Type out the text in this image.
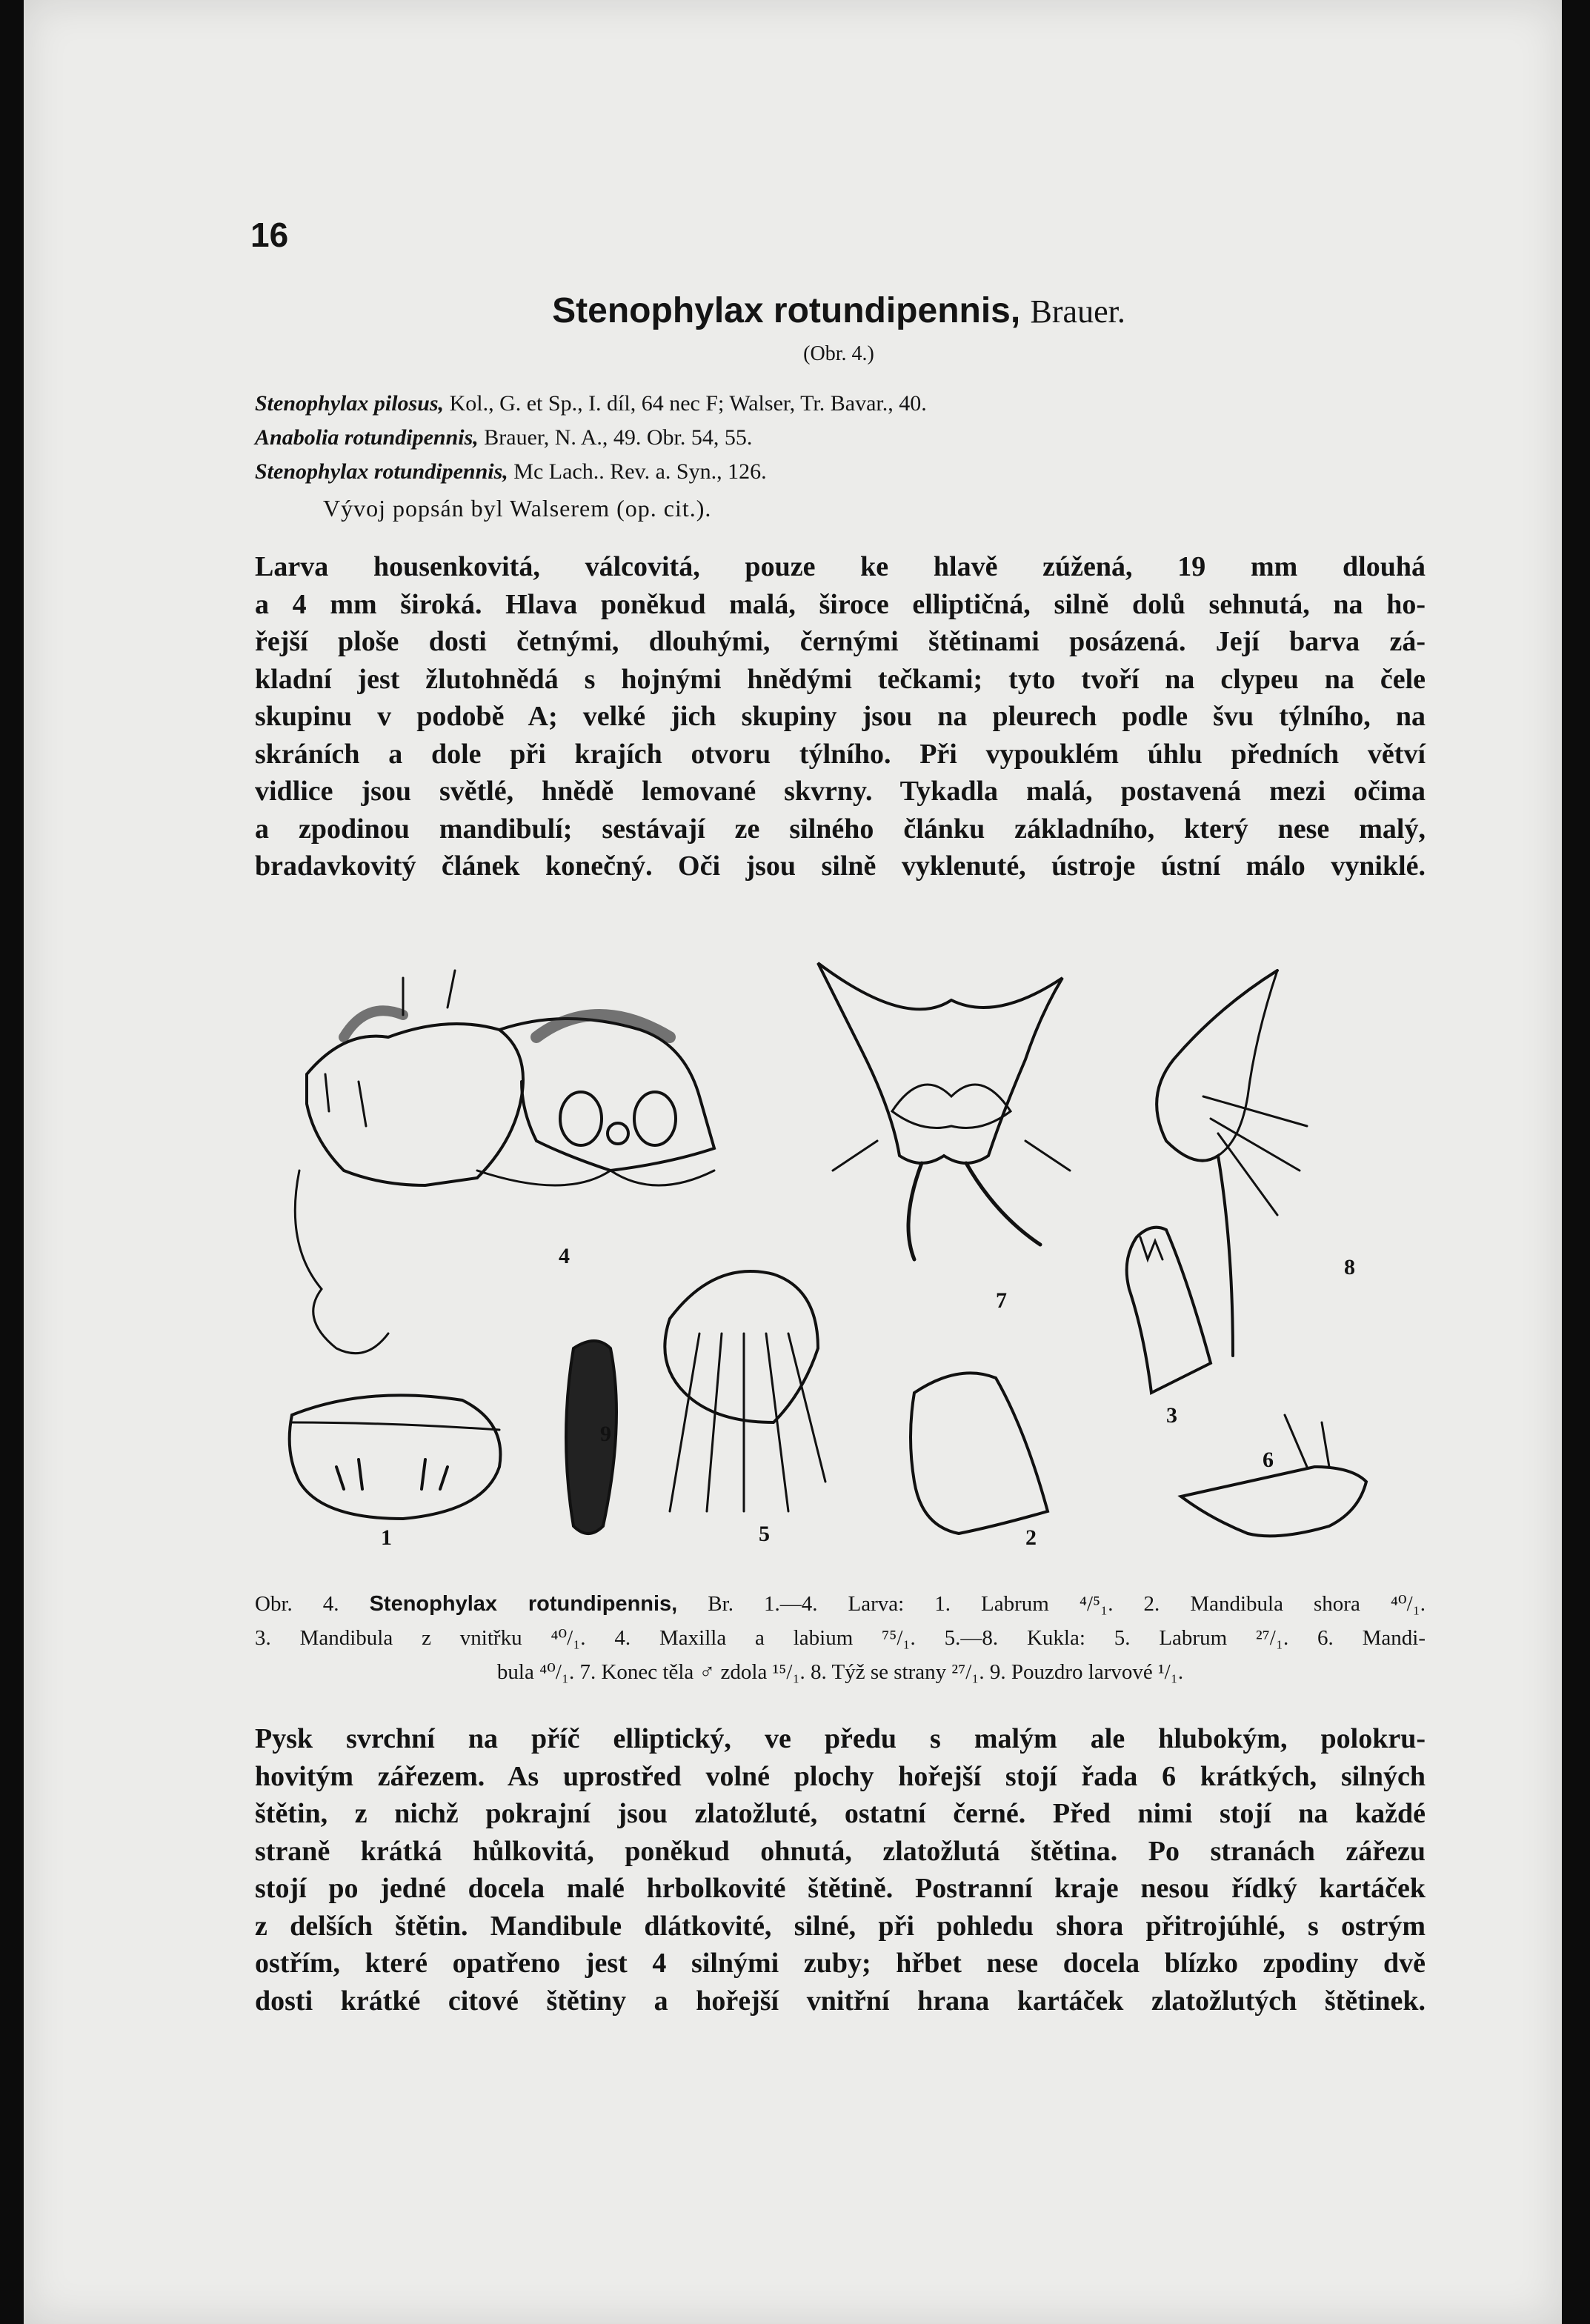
16
Stenophylax rotundipennis, Brauer.
(Obr. 4.)
Stenophylax pilosus, Kol., G. et Sp., I. díl, 64 nec F; Walser, Tr. Bavar., 40.
Anabolia rotundipennis, Brauer, N. A., 49. Obr. 54, 55.
Stenophylax rotundipennis, Mc Lach.. Rev. a. Syn., 126.
Vývoj popsán byl Walserem (op. cit.).
Larva housenkovitá, válcovitá, pouze ke hlavě zúžená, 19 mm dlouhá
a 4 mm široká. Hlava poněkud malá, široce elliptičná, silně dolů sehnutá, na ho-
řejší ploše dosti četnými, dlouhými, černými štětinami posázená. Její barva zá-
kladní jest žlutohnědá s hojnými hnědými tečkami; tyto tvoří na clypeu na čele
skupinu v podobě A; velké jich skupiny jsou na pleurech podle švu týlního, na
skráních a dole při krajích otvoru týlního. Při vypouklém úhlu předních větví
vidlice jsou světlé, hnědě lemované skvrny. Tykadla malá, postavená mezi očima
a zpodinou mandibulí; sestávají ze silného článku základního, který nese malý,
bradavkovitý článek konečný. Oči jsou silně vyklenuté, ústroje ústní málo vyniklé.
4
7
8
3
9
5	2
1
6
Obr. 4. Stenophylax rotundipennis, Br. 1.—4. Larva: 1. Labrum ⁴/⁵₁. 2. Mandibula shora ⁴⁰/₁.
3. Mandibula z vnitřku ⁴⁰/₁. 4. Maxilla a labium ⁷⁵/₁. 5.—8. Kukla: 5. Labrum ²⁷/₁. 6. Mandi-
bula ⁴⁰/₁. 7. Konec těla ♂ zdola ¹⁵/₁. 8. Týž se strany ²⁷/₁. 9. Pouzdro larvové ¹/₁.
Pysk svrchní na příč elliptický, ve předu s malým ale hlubokým, polokru-
hovitým zářezem. As uprostřed volné plochy hořejší stojí řada 6 krátkých, silných
štětin, z nichž pokrajní jsou zlatožluté, ostatní černé. Před nimi stojí na každé
straně krátká hůlkovitá, poněkud ohnutá, zlatožlutá štětina. Po stranách zářezu
stojí po jedné docela malé hrbolkovité štětině. Postranní kraje nesou řídký kartáček
z delších štětin. Mandibule dlátkovité, silné, při pohledu shora přitrojúhlé, s ostrým
ostřím, které opatřeno jest 4 silnými zuby; hřbet nese docela blízko zpodiny dvě
dosti krátké citové štětiny a hořejší vnitřní hrana kartáček zlatožlutých štětinek.
